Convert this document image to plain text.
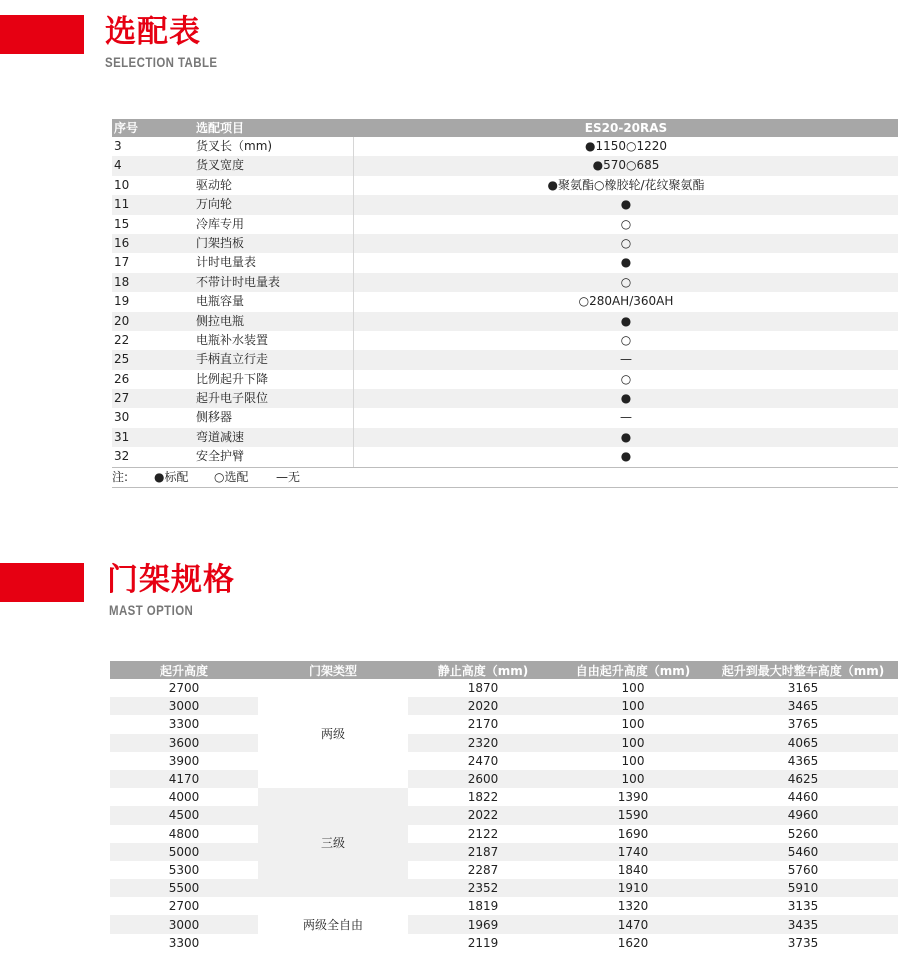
选配表
SELECTION TABLE
序号	选配项目	ES20-20RAS
3	货叉长（mm)	●1150○1220
4	货叉宽度	●570○685
10	驱动轮	●聚氨酯○橡胶轮/花纹聚氨酯
11	万向轮	●
15	冷库专用	○
16	门架挡板	○
17	计时电量表	●
18	不带计时电量表	○
19	电瓶容量	○280AH/360AH
20	侧拉电瓶	●
22	电瓶补水装置	○
25	手柄直立行走	—
26	比例起升下降	○
27	起升电子限位	●
30	侧移器	—
31	弯道减速	●
32	安全护臂	●
注:	●标配	○选配	—无
门架规格
MAST OPTION
起升高度	门架类型	静止高度（mm)	自由起升高度（mm)	起升到最大时整车高度（mm)
2700	两级	1870	100	3165
3000		2020	100	3465
3300		2170	100	3765
3600		2320	100	4065
3900		2470	100	4365
4170		2600	100	4625
4000	三级	1822	1390	4460
4500		2022	1590	4960
4800		2122	1690	5260
5000		2187	1740	5460
5300		2287	1840	5760
5500		2352	1910	5910
2700	两级全自由	1819	1320	3135
3000		1969	1470	3435
3300		2119	1620	3735
